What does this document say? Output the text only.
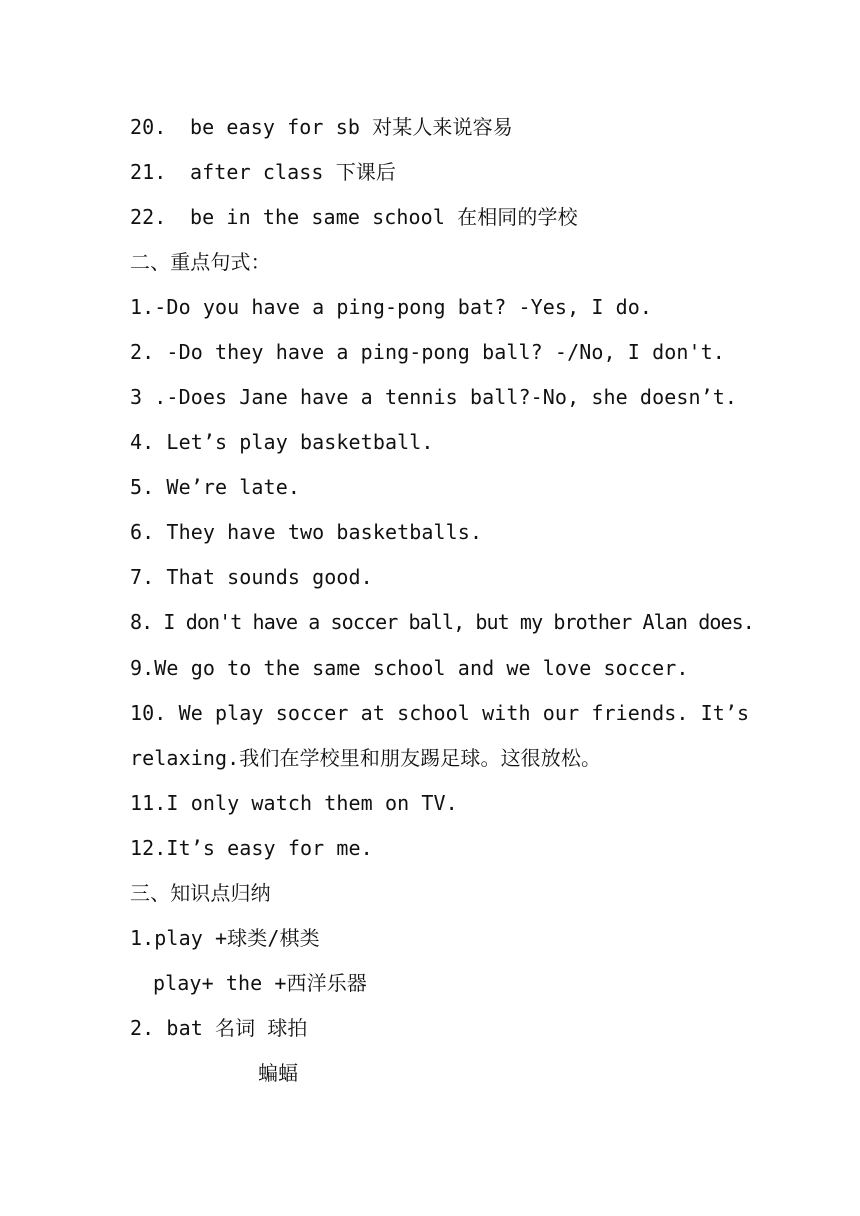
20. be easy for sb 对某人来说容易
21. after class 下课后
22. be in the same school 在相同的学校
二、重点句式：
1.-Do you have a ping-pong bat? -Yes, I do.
2. -Do they have a ping-pong ball? -/No, I don't.
3 .-Does Jane have a tennis ball?-No, she doesn’t.
4. Let’s play basketball.
5. We’re late.
6. They have two basketballs.
7. That sounds good.
8. I don't have a soccer ball, but my brother Alan does.
9.We go to the same school and we love soccer.
10. We play soccer at school with our friends. It’s
relaxing.我们在学校里和朋友踢足球。这很放松。
11.I only watch them on TV.
12.It’s easy for me.
三、知识点归纳
1.play +球类/棋类
play+ the +西洋乐器
2. bat 名词 球拍
蝙蝠
